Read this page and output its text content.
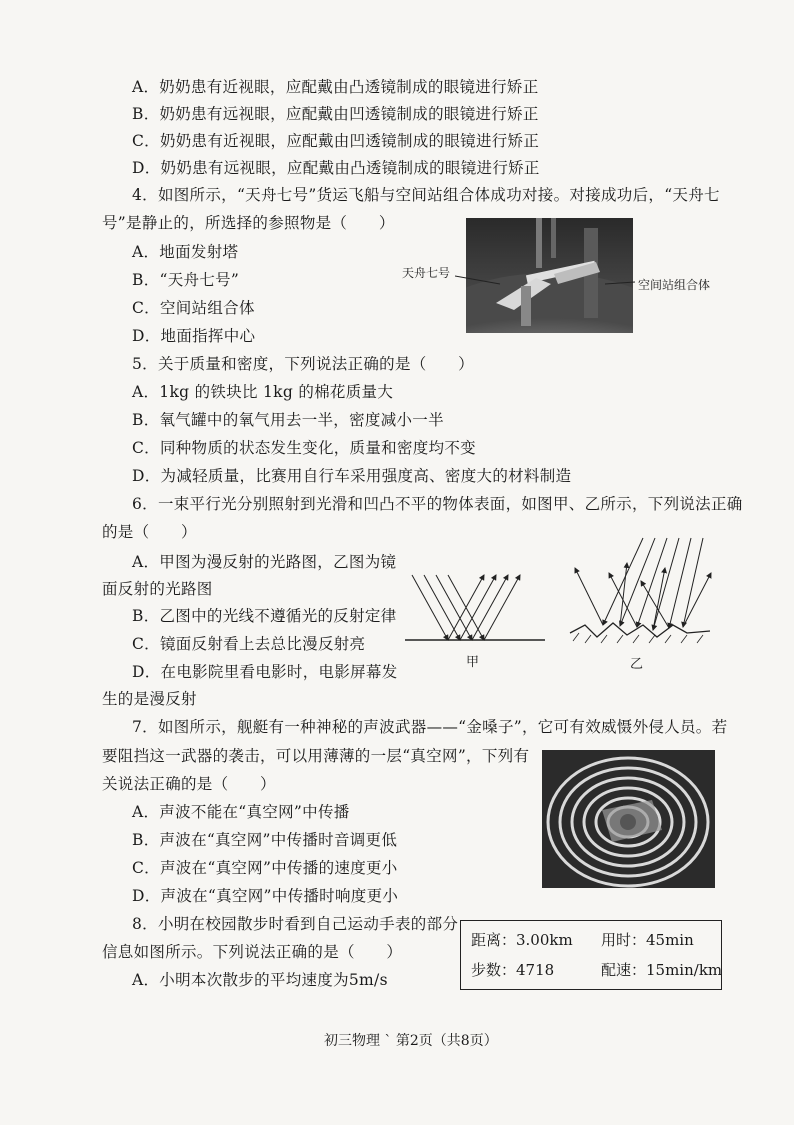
A．奶奶患有近视眼，应配戴由凸透镜制成的眼镜进行矫正
B．奶奶患有远视眼，应配戴由凹透镜制成的眼镜进行矫正
C．奶奶患有近视眼，应配戴由凹透镜制成的眼镜进行矫正
D．奶奶患有远视眼，应配戴由凸透镜制成的眼镜进行矫正
4．如图所示，“天舟七号”货运飞船与空间站组合体成功对接。对接成功后，“天舟七
号”是静止的，所选择的参照物是（　　）
A．地面发射塔
B．“天舟七号”
C．空间站组合体
D．地面指挥中心
天舟七号
空间站组合体
5．关于质量和密度，下列说法正确的是（　　）
A．1kg 的铁块比 1kg 的棉花质量大
B．氧气罐中的氧气用去一半，密度减小一半
C．同种物质的状态发生变化，质量和密度均不变
D．为减轻质量，比赛用自行车采用强度高、密度大的材料制造
6．一束平行光分别照射到光滑和凹凸不平的物体表面，如图甲、乙所示，下列说法正确
的是（　　）
A．甲图为漫反射的光路图，乙图为镜
面反射的光路图
B．乙图中的光线不遵循光的反射定律
C．镜面反射看上去总比漫反射亮
D．在电影院里看电影时，电影屏幕发
生的是漫反射
甲	乙
7．如图所示，舰艇有一种神秘的声波武器——“金嗓子”，它可有效威慑外侵人员。若
要阻挡这一武器的袭击，可以用薄薄的一层“真空网”，下列有
关说法正确的是（　　）
A．声波不能在“真空网”中传播
B．声波在“真空网”中传播时音调更低
C．声波在“真空网”中传播的速度更小
D．声波在“真空网”中传播时响度更小
8．小明在校园散步时看到自己运动手表的部分
信息如图所示。下列说法正确的是（　　）
A．小明本次散步的平均速度为5m/s
距离：3.00km 用时：45min
步数：4718	配速：15min/km
初三物理 ` 第2页（共8页）
